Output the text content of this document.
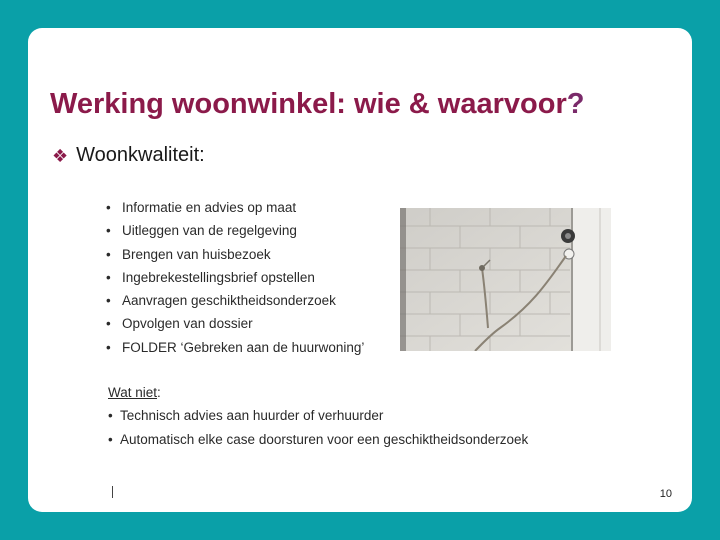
Werking woonwinkel: wie & waarvoor?
❖ Woonkwaliteit:
• Informatie en advies op maat
• Uitleggen van de regelgeving
• Brengen van huisbezoek
• Ingebrekestellingsbrief opstellen
• Aanvragen geschiktheidsonderzoek
• Opvolgen van dossier
• FOLDER ‘Gebreken aan de huurwoning’
Wat niet:
• Technisch advies aan huurder of verhuurder
• Automatisch elke case doorsturen voor een geschiktheidsonderzoek
10
